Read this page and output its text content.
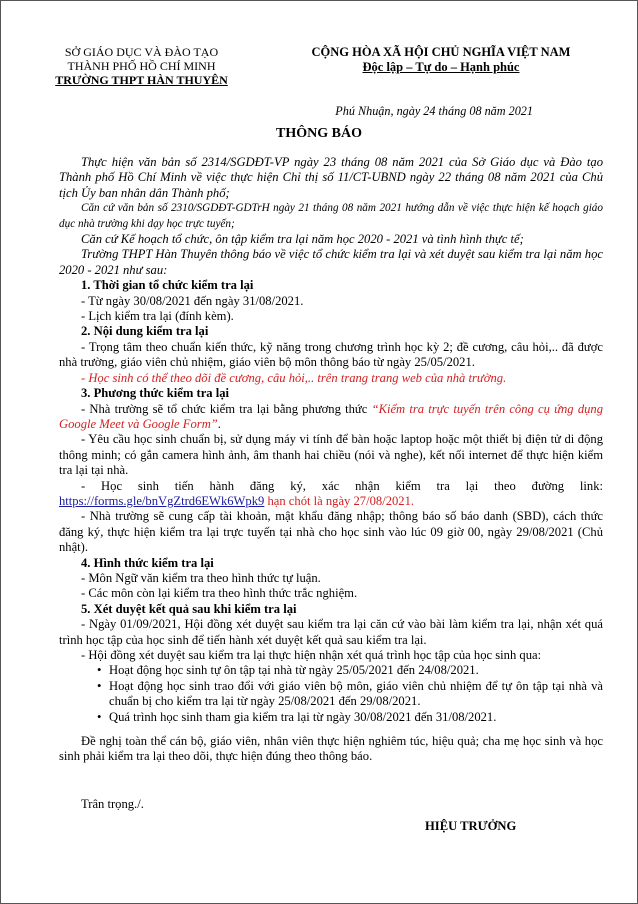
SỞ GIÁO DỤC VÀ ĐÀO TẠO
THÀNH PHỐ HỒ CHÍ MINH
TRƯỜNG THPT HÀN THUYÊN
CỘNG HÒA XÃ HỘI CHỦ NGHĨA VIỆT NAM
Độc lập – Tự do – Hạnh phúc
Phú Nhuận, ngày 24 tháng 08 năm 2021
THÔNG BÁO

Thực hiện văn bản số 2314/SGDĐT-VP ngày 23 tháng 08 năm 2021 của Sở Giáo dục và Đào tạo Thành phố Hồ Chí Minh về việc thực hiện Chỉ thị số 11/CT-UBND ngày 22 tháng 08 năm 2021 của Chủ tịch Ủy ban nhân dân Thành phố;

Căn cứ văn bản số 2310/SGDĐT-GDTrH ngày 21 tháng 08 năm 2021 hướng dẫn về việc thực hiện kế hoạch giáo dục nhà trường khi dạy học trực tuyến;

Căn cứ Kế hoạch tổ chức, ôn tập kiểm tra lại năm học 2020 - 2021 và tình hình thực tế;

Trường THPT Hàn Thuyên thông báo về việc tổ chức kiểm tra lại và xét duyệt sau kiểm tra lại năm học 2020 - 2021 như sau:

1. Thời gian tổ chức kiểm tra lại

- Từ ngày 30/08/2021 đến ngày 31/08/2021.

- Lịch kiểm tra lại (đính kèm).

2. Nội dung kiểm tra lại

- Trọng tâm theo chuẩn kiến thức, kỹ năng trong chương trình học kỳ 2; đề cương, câu hỏi,.. đã được nhà trường, giáo viên chủ nhiệm, giáo viên bộ môn thông báo từ ngày 25/05/2021.

- Học sinh có thể theo dõi đề cương, câu hỏi,.. trên trang trang web của nhà trường.

3. Phương thức kiểm tra lại

- Nhà trường sẽ tổ chức kiểm tra lại bằng phương thức “Kiểm tra trực tuyến trên công cụ ứng dụng Google Meet và Google Form”.

- Yêu cầu học sinh chuẩn bị, sử dụng máy vi tính để bàn hoặc laptop hoặc một thiết bị điện tử di động thông minh; có gắn camera hình ảnh, âm thanh hai chiều (nói và nghe), kết nối internet để thực hiện kiểm tra lại tại nhà.

- Học sinh tiến hành đăng ký, xác nhận kiểm tra lại theo đường link: https://forms.gle/bnVgZtrd6EWk6Wpk9 hạn chót là ngày 27/08/2021.

- Nhà trường sẽ cung cấp tài khoản, mật khẩu đăng nhập; thông báo số báo danh (SBD), cách thức đăng ký, thực hiện kiểm tra lại trực tuyến tại nhà cho học sinh vào lúc 09 giờ 00, ngày 29/08/2021 (Chủ nhật).

4. Hình thức kiểm tra lại

- Môn Ngữ văn kiểm tra theo hình thức tự luận.

- Các môn còn lại kiểm tra theo hình thức trắc nghiệm.

5. Xét duyệt kết quả sau khi kiểm tra lại

- Ngày 01/09/2021, Hội đồng xét duyệt sau kiểm tra lại căn cứ vào bài làm kiểm tra lại, nhận xét quá trình học tập của học sinh để tiến hành xét duyệt kết quả sau kiểm tra lại.

- Hội đồng xét duyệt sau kiểm tra lại thực hiện nhận xét quá trình học tập của học sinh qua:

• Hoạt động học sinh tự ôn tập tại nhà từ ngày 25/05/2021 đến 24/08/2021.

• Hoạt động học sinh trao đổi với giáo viên bộ môn, giáo viên chủ nhiệm để tự ôn tập tại nhà và chuẩn bị cho kiểm tra lại từ ngày 25/08/2021 đến 29/08/2021.

• Quá trình học sinh tham gia kiểm tra lại từ ngày 30/08/2021 đến 31/08/2021.

Đề nghị toàn thể cán bộ, giáo viên, nhân viên thực hiện nghiêm túc, hiệu quả; cha mẹ học sinh và học sinh phải kiểm tra lại theo dõi, thực hiện đúng theo thông báo.

Trân trọng./.
HIỆU TRƯỞNG
